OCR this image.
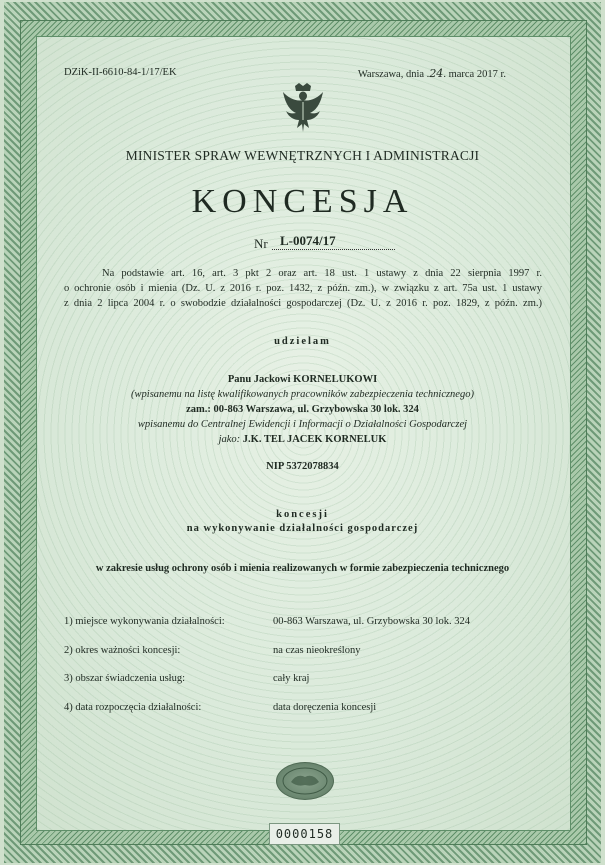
DZiK-II-6610-84-1/17/EK	Warszawa, dnia .24. marca 2017 r.
MINISTER SPRAW WEWNĘTRZNYCH I ADMINISTRACJI
KONCESJA
Nr L-0074/17
Na podstawie art. 16, art. 3 pkt 2 oraz art. 18 ust. 1 ustawy z dnia 22 sierpnia 1997 r.
o ochronie osób i mienia (Dz. U. z 2016 r. poz. 1432, z późn. zm.), w związku z art. 75a ust. 1 ustawy
z dnia 2 lipca 2004 r. o swobodzie działalności gospodarczej (Dz. U. z 2016 r. poz. 1829, z późn. zm.)
udzielam
Panu Jackowi KORNELUKOWI
(wpisanemu na listę kwalifikowanych pracowników zabezpieczenia technicznego)
zam.: 00-863 Warszawa, ul. Grzybowska 30 lok. 324
wpisanemu do Centralnej Ewidencji i Informacji o Działalności Gospodarczej
jako: J.K. TEL JACEK KORNELUK
NIP 5372078834
koncesji
na wykonywanie działalności gospodarczej
w zakresie usług ochrony osób i mienia realizowanych w formie zabezpieczenia technicznego
1) miejsce wykonywania działalności:	00-863 Warszawa, ul. Grzybowska 30 lok. 324
2) okres ważności koncesji:	na czas nieokreślony
3) obszar świadczenia usług:	cały kraj
4) data rozpoczęcia działalności:	data doręczenia koncesji
0000158
